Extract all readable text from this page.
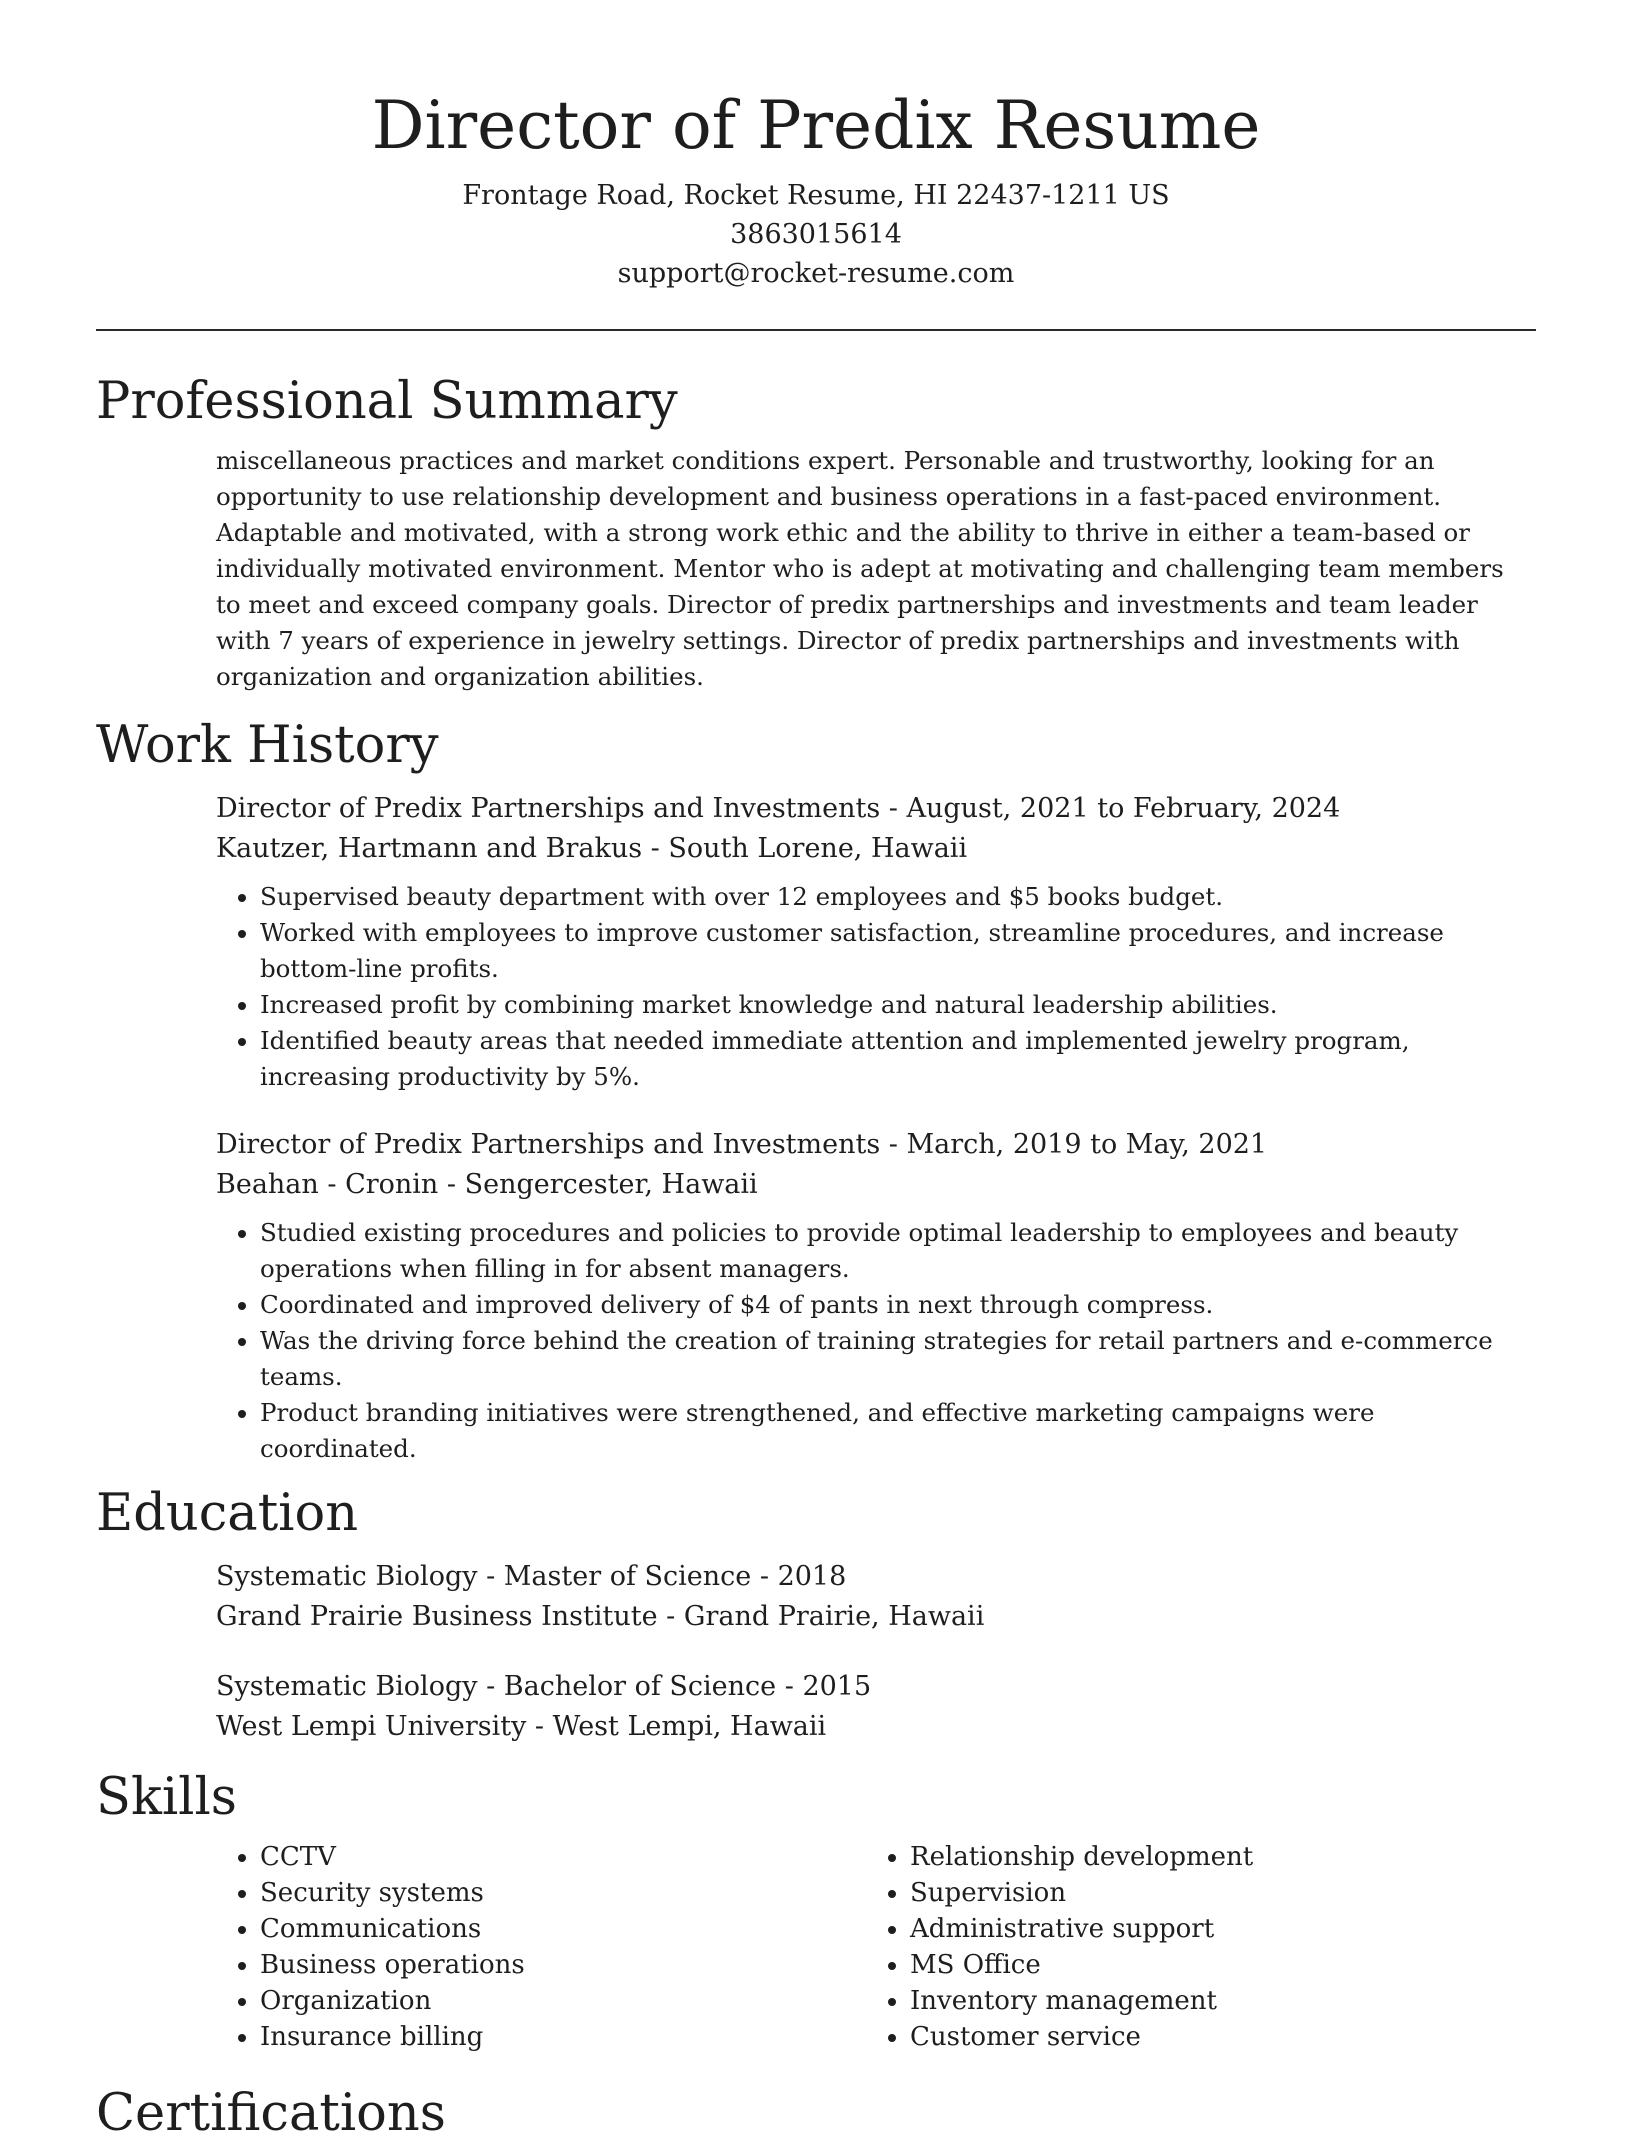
Director of Predix Resume

Frontage Road, Rocket Resume, HI 22437-1211 US

3863015614

support@rocket-resume.com

Professional Summary

miscellaneous practices and market conditions expert. Personable and trustworthy, looking for an opportunity to use relationship development and business operations in a fast-paced environment. Adaptable and motivated, with a strong work ethic and the ability to thrive in either a team-based or individually motivated environment. Mentor who is adept at motivating and challenging team members to meet and exceed company goals. Director of predix partnerships and investments and team leader with 7 years of experience in jewelry settings. Director of predix partnerships and investments with organization and organization abilities.

Work History

Director of Predix Partnerships and Investments - August, 2021 to February, 2024

Kautzer, Hartmann and Brakus - South Lorene, Hawaii

• Supervised beauty department with over 12 employees and $5 books budget.
• Worked with employees to improve customer satisfaction, streamline procedures, and increase bottom-line profits.
• Increased profit by combining market knowledge and natural leadership abilities.
• Identified beauty areas that needed immediate attention and implemented jewelry program, increasing productivity by 5%.

Director of Predix Partnerships and Investments - March, 2019 to May, 2021

Beahan - Cronin - Sengercester, Hawaii

• Studied existing procedures and policies to provide optimal leadership to employees and beauty operations when filling in for absent managers.
• Coordinated and improved delivery of $4 of pants in next through compress.
• Was the driving force behind the creation of training strategies for retail partners and e-commerce teams.
• Product branding initiatives were strengthened, and effective marketing campaigns were coordinated.
Education

Systematic Biology - Master of Science - 2018

Grand Prairie Business Institute - Grand Prairie, Hawaii

Systematic Biology - Bachelor of Science - 2015

West Lempi University - West Lempi, Hawaii

Skills
• CCTV
• Security systems
• Communications
• Business operations
• Organization
• Insurance billing
• Relationship development
• Supervision
• Administrative support
• MS Office
• Inventory management
• Customer service
Certifications
